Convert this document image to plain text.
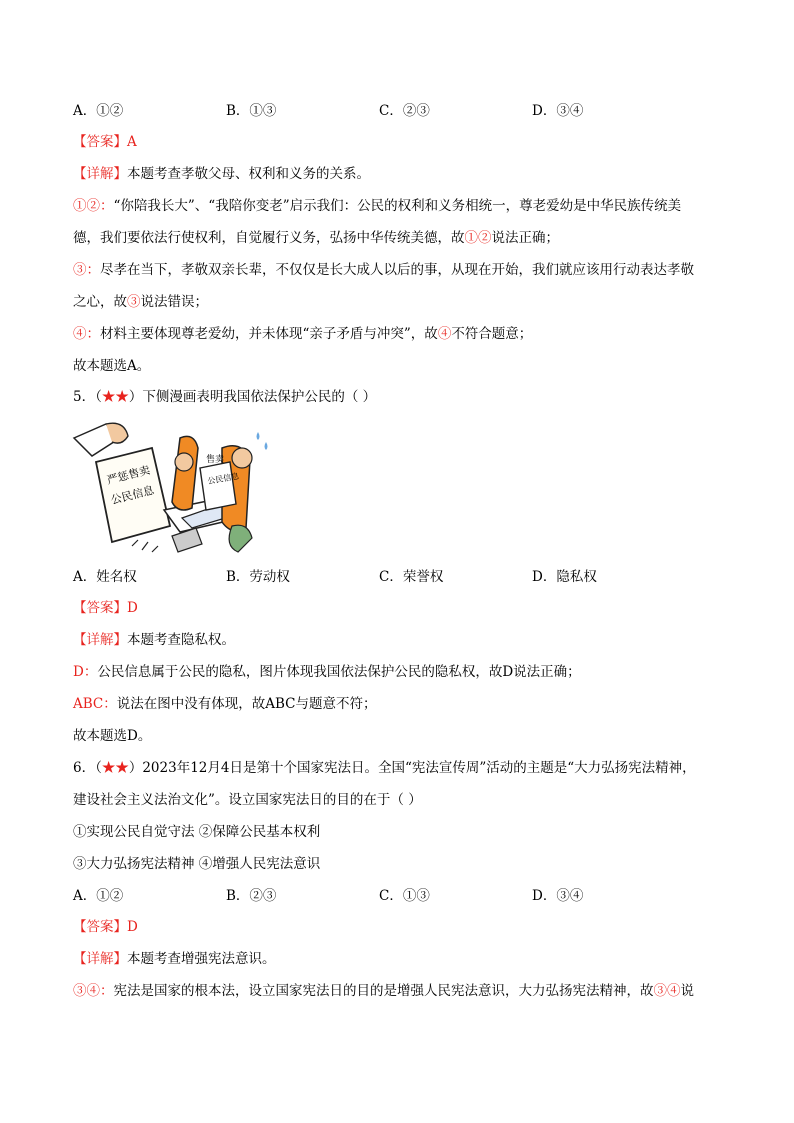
A．①②	B．①③	C．②③	D．③④
【答案】A
【详解】本题考查孝敬父母、权利和义务的关系。
①②：“你陪我长大”、“我陪你变老”启示我们：公民的权利和义务相统一，尊老爱幼是中华民族传统美
德，我们要依法行使权利，自觉履行义务，弘扬中华传统美德，故①②说法正确；
③：尽孝在当下，孝敬双亲长辈，不仅仅是长大成人以后的事，从现在开始，我们就应该用行动表达孝敬
之心，故③说法错误；
④：材料主要体现尊老爱幼，并未体现“亲子矛盾与冲突”，故④不符合题意；
故本题选A。
5．（★★）下侧漫画表明我国依法保护公民的（ ）
严惩售卖
公民信息
售卖
公民信息
A．姓名权	B．劳动权	C．荣誉权	D．隐私权
【答案】D
【详解】本题考查隐私权。
D：公民信息属于公民的隐私，图片体现我国依法保护公民的隐私权，故D说法正确；
ABC：说法在图中没有体现，故ABC与题意不符；
故本题选D。
6．（★★）2023年12月4日是第十个国家宪法日。全国“宪法宣传周”活动的主题是“大力弘扬宪法精神，
建设社会主义法治文化”。设立国家宪法日的目的在于（ ）
①实现公民自觉守法 ②保障公民基本权利
③大力弘扬宪法精神 ④增强人民宪法意识
A．①②	B．②③	C．①③	D．③④
【答案】D
【详解】本题考查增强宪法意识。
③④：宪法是国家的根本法，设立国家宪法日的目的是增强人民宪法意识，大力弘扬宪法精神，故③④说
